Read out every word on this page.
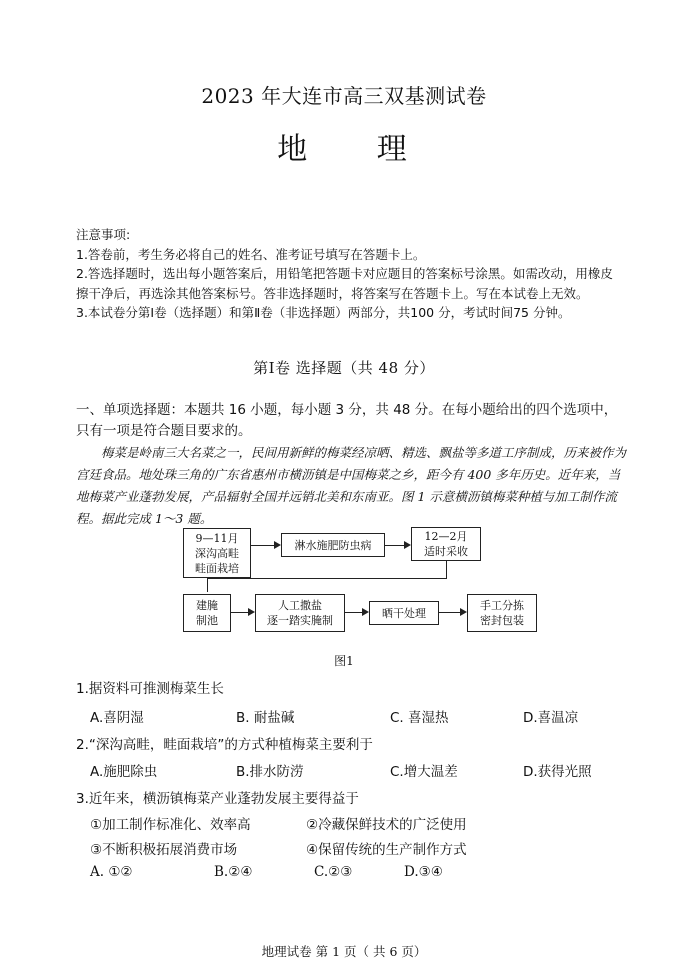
2023 年大连市高三双基测试卷
地 理
注意事项:
1.答卷前，考生务必将自己的姓名、准考证号填写在答题卡上。
2.答选择题时，选出每小题答案后，用铅笔把答题卡对应题目的答案标号涂黑。如需改动，用橡皮擦干净后，再选涂其他答案标号。答非选择题时，将答案写在答题卡上。写在本试卷上无效。
3.本试卷分第Ⅰ卷（选择题）和第Ⅱ卷（非选择题）两部分，共100 分，考试时间75 分钟。
第Ⅰ卷 选择题（共 48 分）
一、单项选择题：本题共 16 小题，每小题 3 分，共 48 分。在每小题给出的四个选项中，只有一项是符合题目要求的。
梅菜是岭南三大名菜之一，民间用新鲜的梅菜经凉晒、精选、飘盐等多道工序制成，历来被作为宫廷食品。地处珠三角的广东省惠州市横沥镇是中国梅菜之乡，距今有 400 多年历史。近年来，当地梅菜产业蓬勃发展，产品辐射全国并远销北美和东南亚。图 1 示意横沥镇梅菜种植与加工制作流程。据此完成 1～3 题。
9—11月
深沟高畦
畦面栽培
淋水施肥防虫病
12—2月
适时采收
建腌
制池
人工撒盐
逐一踏实腌制
晒干处理
手工分拣
密封包装
图1
1.据资料可推测梅菜生长
A.喜阴湿	B. 耐盐碱	C. 喜湿热	D.喜温凉
2.“深沟高畦，畦面栽培”的方式种植梅菜主要利于
A.施肥除虫	B.排水防涝	C.增大温差	D.获得光照
3.近年来，横沥镇梅菜产业蓬勃发展主要得益于
①加工制作标准化、效率高	②冷藏保鲜技术的广泛使用
③不断积极拓展消费市场	④保留传统的生产制作方式
A. ①②	B.②④	C.②③	D.③④
地理试卷 第 1 页（ 共 6 页）
